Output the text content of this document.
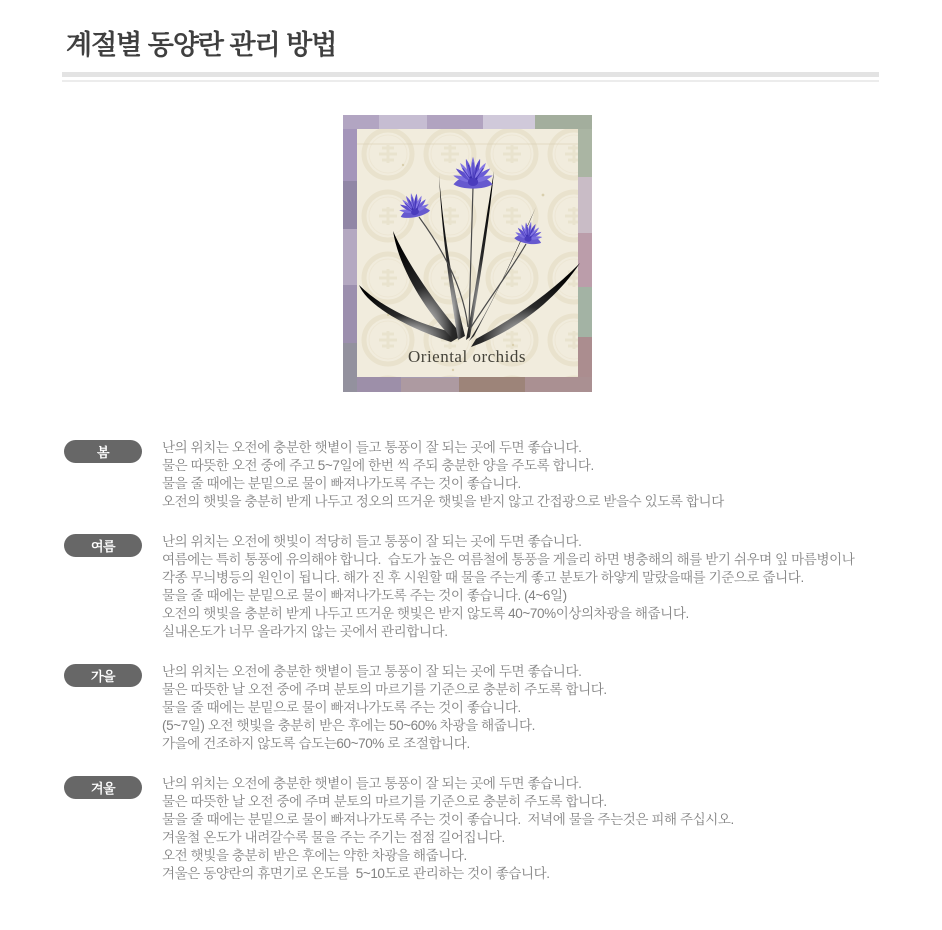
계절별 동양란 관리 방법
Oriental orchids
봄	난의 위치는 오전에 충분한 햇볕이 들고 통풍이 잘 되는 곳에 두면 좋습니다.
물은 따뜻한 오전 중에 주고 5~7일에 한번 씩 주되 충분한 양을 주도록 합니다.
물을 줄 때에는 분밑으로 물이 빠져나가도록 주는 것이 좋습니다.
오전의 햇빛을 충분히 받게 나두고 정오의 뜨거운 햇빛을 받지 않고 간접광으로 받을수 있도록 합니다
여름	난의 위치는 오전에 햇빛이 적당히 들고 통풍이 잘 되는 곳에 두면 좋습니다.
여름에는 특히 통풍에 유의해야 합니다.  습도가 높은 여름철에 통풍을 게을리 하면 병충해의 해를 받기 쉬우며 잎 마름병이나
각종 무늬병등의 원인이 됩니다. 해가 진 후 시원할 때 물을 주는게 좋고 분토가 하얗게 말랐을때를 기준으로 줍니다.
물을 줄 때에는 분밑으로 물이 빠져나가도록 주는 것이 좋습니다. (4~6일)
오전의 햇빛을 충분히 받게 나두고 뜨거운 햇빛은 받지 않도록 40~70%이상의차광을 해줍니다.
실내온도가 너무 올라가지 않는 곳에서 관리합니다.
가을	난의 위치는 오전에 충분한 햇볕이 들고 통풍이 잘 되는 곳에 두면 좋습니다.
물은 따뜻한 날 오전 중에 주며 분토의 마르기를 기준으로 충분히 주도록 합니다.
물을 줄 때에는 분밑으로 물이 빠져나가도록 주는 것이 좋습니다.
(5~7일) 오전 햇빛을 충분히 받은 후에는 50~60% 차광을 해줍니다.
가을에 건조하지 않도록 습도는60~70% 로 조절합니다.
겨울	난의 위치는 오전에 충분한 햇볕이 들고 통풍이 잘 되는 곳에 두면 좋습니다.
물은 따뜻한 날 오전 중에 주며 분토의 마르기를 기준으로 충분히 주도록 합니다.
물을 줄 때에는 분밑으로 물이 빠져나가도록 주는 것이 좋습니다.  저녁에 물을 주는것은 피해 주십시오.
겨울철 온도가 내려갈수록 물을 주는 주기는 점점 길어집니다.
오전 햇빛을 충분히 받은 후에는 약한 차광을 해줍니다.
겨울은 동양란의 휴면기로 온도를  5~10도로 관리하는 것이 좋습니다.
